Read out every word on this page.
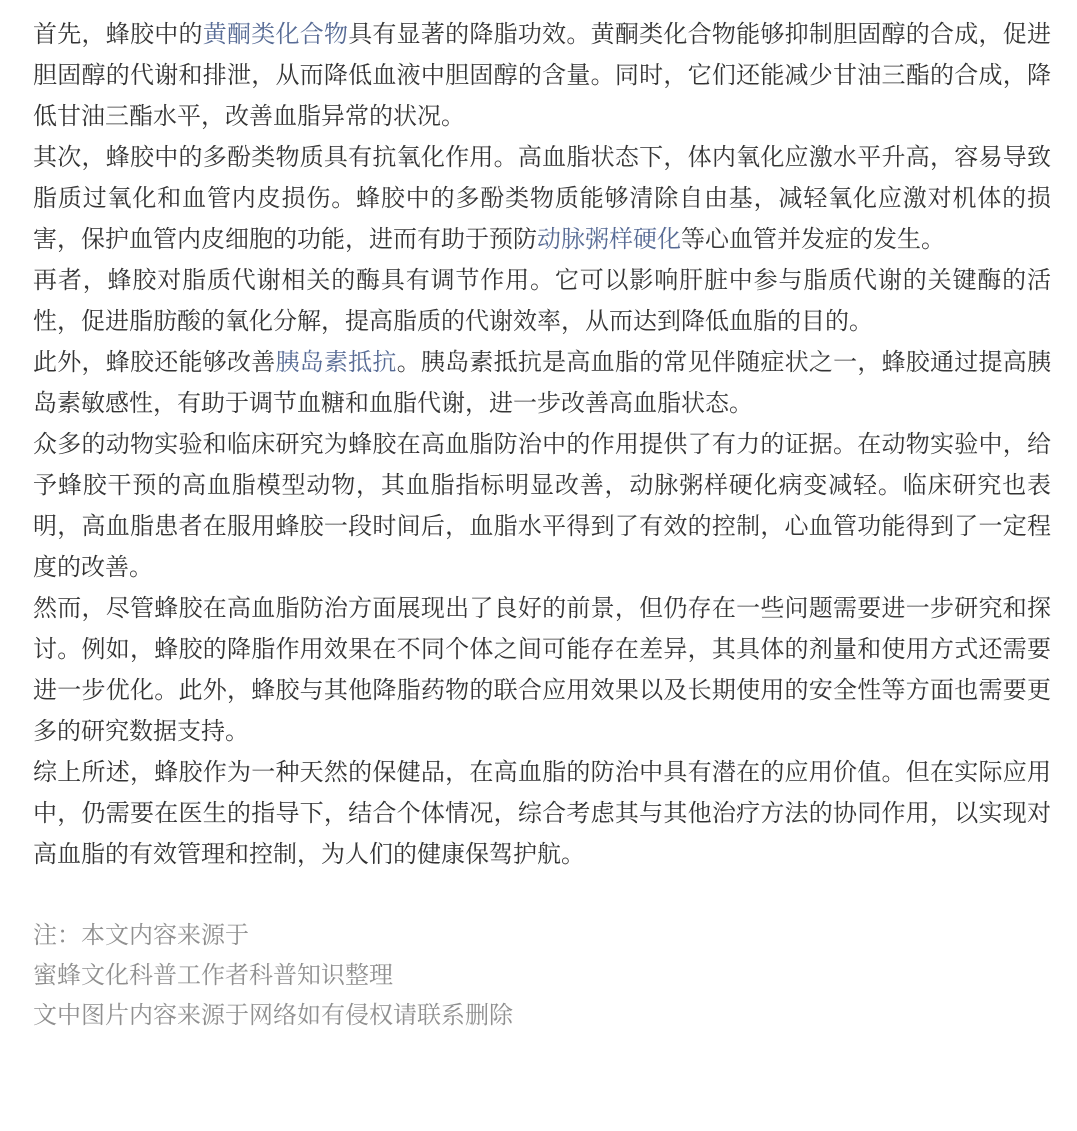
首先，蜂胶中的黄酮类化合物具有显著的降脂功效。黄酮类化合物能够抑制胆固醇的合成，促进胆固醇的代谢和排泄，从而降低血液中胆固醇的含量。同时，它们还能减少甘油三酯的合成，降低甘油三酯水平，改善血脂异常的状况。

其次，蜂胶中的多酚类物质具有抗氧化作用。高血脂状态下，体内氧化应激水平升高，容易导致脂质过氧化和血管内皮损伤。蜂胶中的多酚类物质能够清除自由基，减轻氧化应激对机体的损害，保护血管内皮细胞的功能，进而有助于预防动脉粥样硬化等心血管并发症的发生。

再者，蜂胶对脂质代谢相关的酶具有调节作用。它可以影响肝脏中参与脂质代谢的关键酶的活性，促进脂肪酸的氧化分解，提高脂质的代谢效率，从而达到降低血脂的目的。

此外，蜂胶还能够改善胰岛素抵抗。胰岛素抵抗是高血脂的常见伴随症状之一，蜂胶通过提高胰岛素敏感性，有助于调节血糖和血脂代谢，进一步改善高血脂状态。

众多的动物实验和临床研究为蜂胶在高血脂防治中的作用提供了有力的证据。在动物实验中，给予蜂胶干预的高血脂模型动物，其血脂指标明显改善，动脉粥样硬化病变减轻。临床研究也表明，高血脂患者在服用蜂胶一段时间后，血脂水平得到了有效的控制，心血管功能得到了一定程度的改善。

然而，尽管蜂胶在高血脂防治方面展现出了良好的前景，但仍存在一些问题需要进一步研究和探讨。例如，蜂胶的降脂作用效果在不同个体之间可能存在差异，其具体的剂量和使用方式还需要进一步优化。此外，蜂胶与其他降脂药物的联合应用效果以及长期使用的安全性等方面也需要更多的研究数据支持。

综上所述，蜂胶作为一种天然的保健品，在高血脂的防治中具有潜在的应用价值。但在实际应用中，仍需要在医生的指导下，结合个体情况，综合考虑其与其他治疗方法的协同作用，以实现对高血脂的有效管理和控制，为人们的健康保驾护航。

注：本文内容来源于

蜜蜂文化科普工作者科普知识整理

文中图片内容来源于网络如有侵权请联系删除
